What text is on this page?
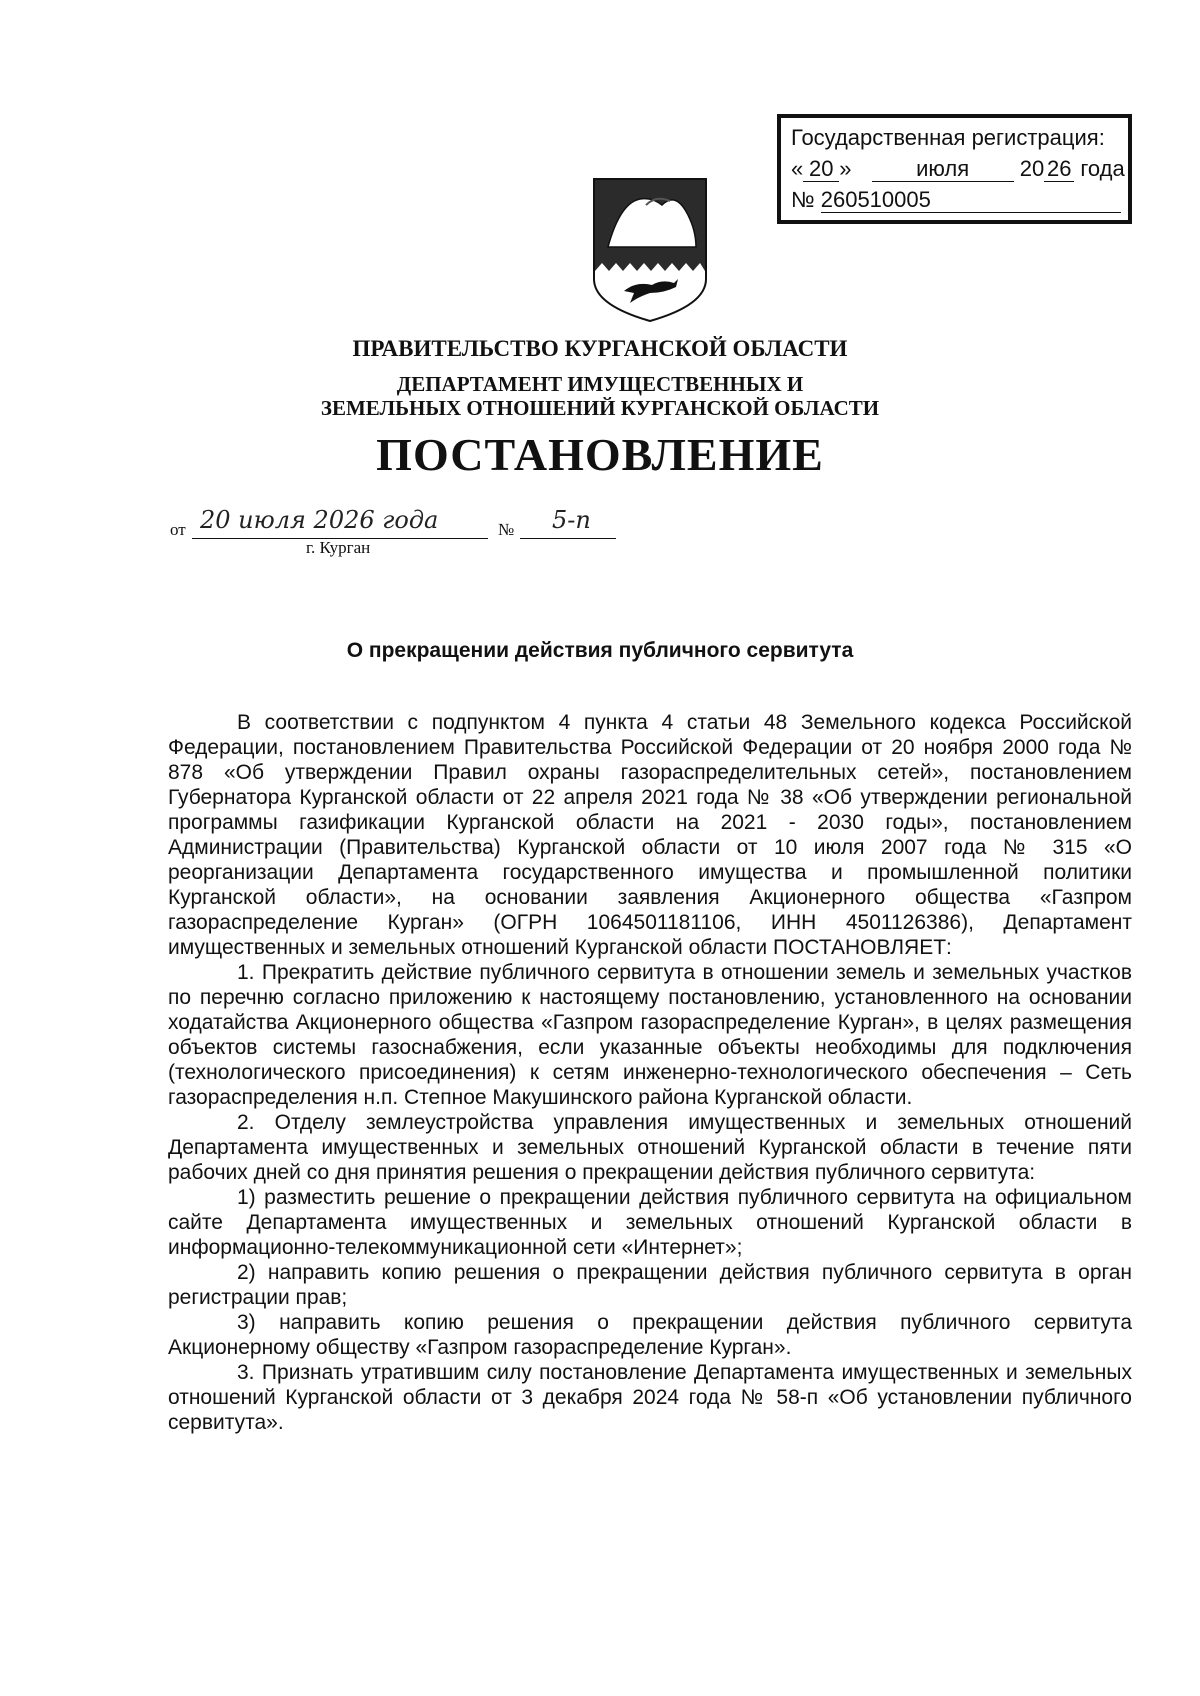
Государственная регистрация:
« 20 »	июля 20 26 года
№ 260510005
ПРАВИТЕЛЬСТВО КУРГАНСКОЙ ОБЛАСТИ
ДЕПАРТАМЕНТ ИМУЩЕСТВЕННЫХ И
ЗЕМЕЛЬНЫХ ОТНОШЕНИЙ КУРГАНСКОЙ ОБЛАСТИ
ПОСТАНОВЛЕНИЕ
от 20 июля 2026 года	№ 5-п
г. Курган
О прекращении действия публичного сервитута

В соответствии с подпунктом 4 пункта 4 статьи 48 Земельного кодекса Российской Федерации, постановлением Правительства Российской Федерации от 20 ноября 2000 года № 878 «Об утверждении Правил охраны газораспределительных сетей», постановлением Губернатора Курганской области от 22 апреля 2021 года № 38 «Об утверждении региональной программы газификации Курганской области на 2021 - 2030 годы», постановлением Администрации (Правительства) Курганской области от 10 июля 2007 года № 315 «О реорганизации Департамента государственного имущества и промышленной политики Курганской области», на основании заявления Акционерного общества «Газпром газораспределение Курган» (ОГРН 1064501181106, ИНН 4501126386), Департамент имущественных и земельных отношений Курганской области ПОСТАНОВЛЯЕТ:

1. Прекратить действие публичного сервитута в отношении земель и земельных участков по перечню согласно приложению к настоящему постановлению, установленного на основании ходатайства Акционерного общества «Газпром газораспределение Курган», в целях размещения объектов системы газоснабжения, если указанные объекты необходимы для подключения (технологического присоединения) к сетям инженерно-технологического обеспечения – Сеть газораспределения н.п. Степное Макушинского района Курганской области.

2. Отделу землеустройства управления имущественных и земельных отношений Департамента имущественных и земельных отношений Курганской области в течение пяти рабочих дней со дня принятия решения о прекращении действия публичного сервитута:

1) разместить решение о прекращении действия публичного сервитута на официальном сайте Департамента имущественных и земельных отношений Курганской области в информационно-телекоммуникационной сети «Интернет»;

2) направить копию решения о прекращении действия публичного сервитута в орган регистрации прав;

3) направить копию решения о прекращении действия публичного сервитута Акционерному обществу «Газпром газораспределение Курган».

3. Признать утратившим силу постановление Департамента имущественных и земельных отношений Курганской области от 3 декабря 2024 года № 58-п «Об установлении публичного сервитута».
